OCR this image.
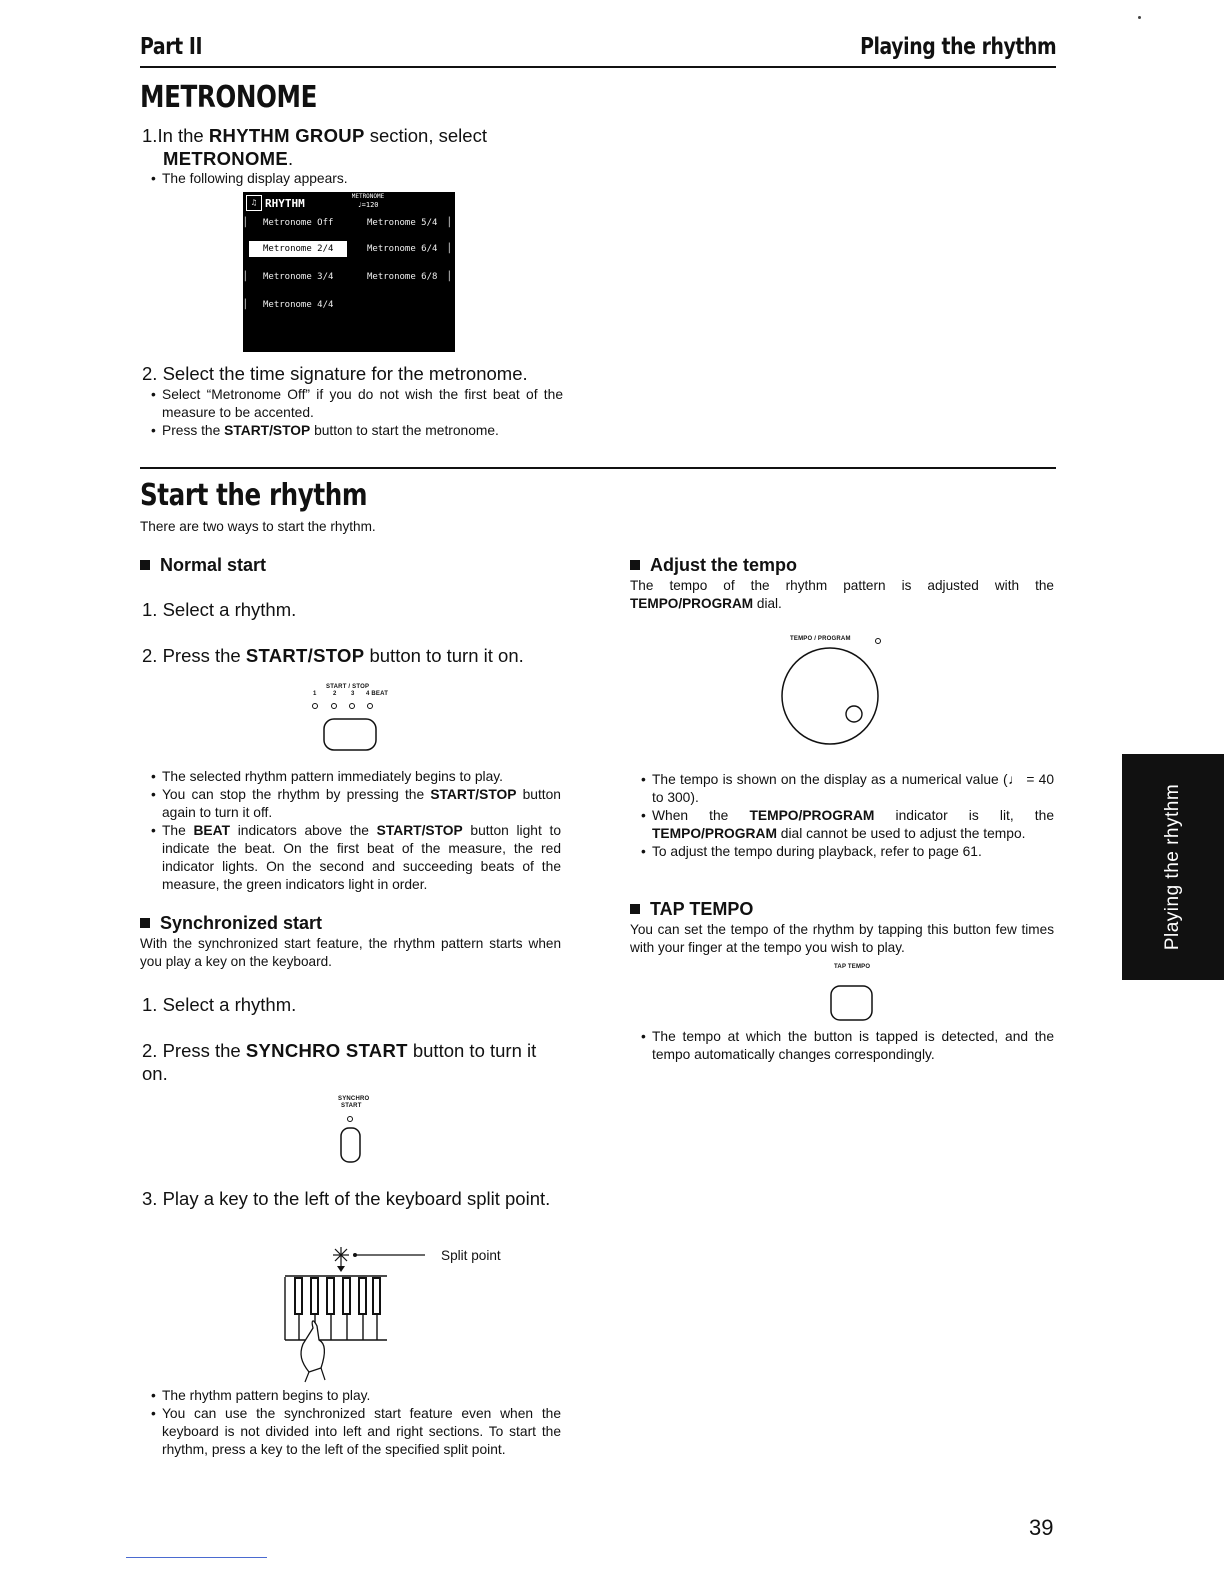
Part II	Playing the rhythm
METRONOME
1.In the RHYTHM GROUP section, select
METRONOME.
• The following display appears.
♫ RHYTHM
METRONOME
♩=120
▏ Metronome Off	Metronome 5/4 ▏
Metronome 2/4	Metronome 6/4 ▏
▏ Metronome 3/4	Metronome 6/8 ▏
▏ Metronome 4/4
2. Select the time signature for the metronome.
• Select “Metronome Off” if you do not wish the first beat of the measure to be accented.
• Press the START/STOP button to start the metronome.
Start the rhythm
There are two ways to start the rhythm.
Normal start
1. Select a rhythm.
2. Press the START/STOP button to turn it on.
START / STOP
1	2 3 4 BEAT
• The selected rhythm pattern immediately begins to play.
• You can stop the rhythm by pressing the START/STOP button again to turn it off.
• The BEAT indicators above the START/STOP button light to indicate the beat. On the first beat of the measure, the red indicator lights. On the second and succeeding beats of the measure, the green indicators light in order.
Synchronized start
With the synchronized start feature, the rhythm pattern starts when you play a key on the keyboard.
1. Select a rhythm.
2. Press the SYNCHRO START button to turn it on.
SYNCHRO
START
3. Play a key to the left of the keyboard split point.
Split point
• The rhythm pattern begins to play.
• You can use the synchronized start feature even when the keyboard is not divided into left and right sections. To start the rhythm, press a key to the left of the specified split point.
Adjust the tempo
The tempo of the rhythm pattern is adjusted with the TEMPO/PROGRAM dial.
TEMPO / PROGRAM
• The tempo is shown on the display as a numerical value (♩ = 40 to 300).
• When the TEMPO/PROGRAM indicator is lit, the TEMPO/PROGRAM dial cannot be used to adjust the tempo.
• To adjust the tempo during playback, refer to page 61.
TAP TEMPO
You can set the tempo of the rhythm by tapping this button few times with your finger at the tempo you wish to play.
TAP TEMPO
• The tempo at which the button is tapped is detected, and the tempo automatically changes correspondingly.
Playing the rhythm
39
